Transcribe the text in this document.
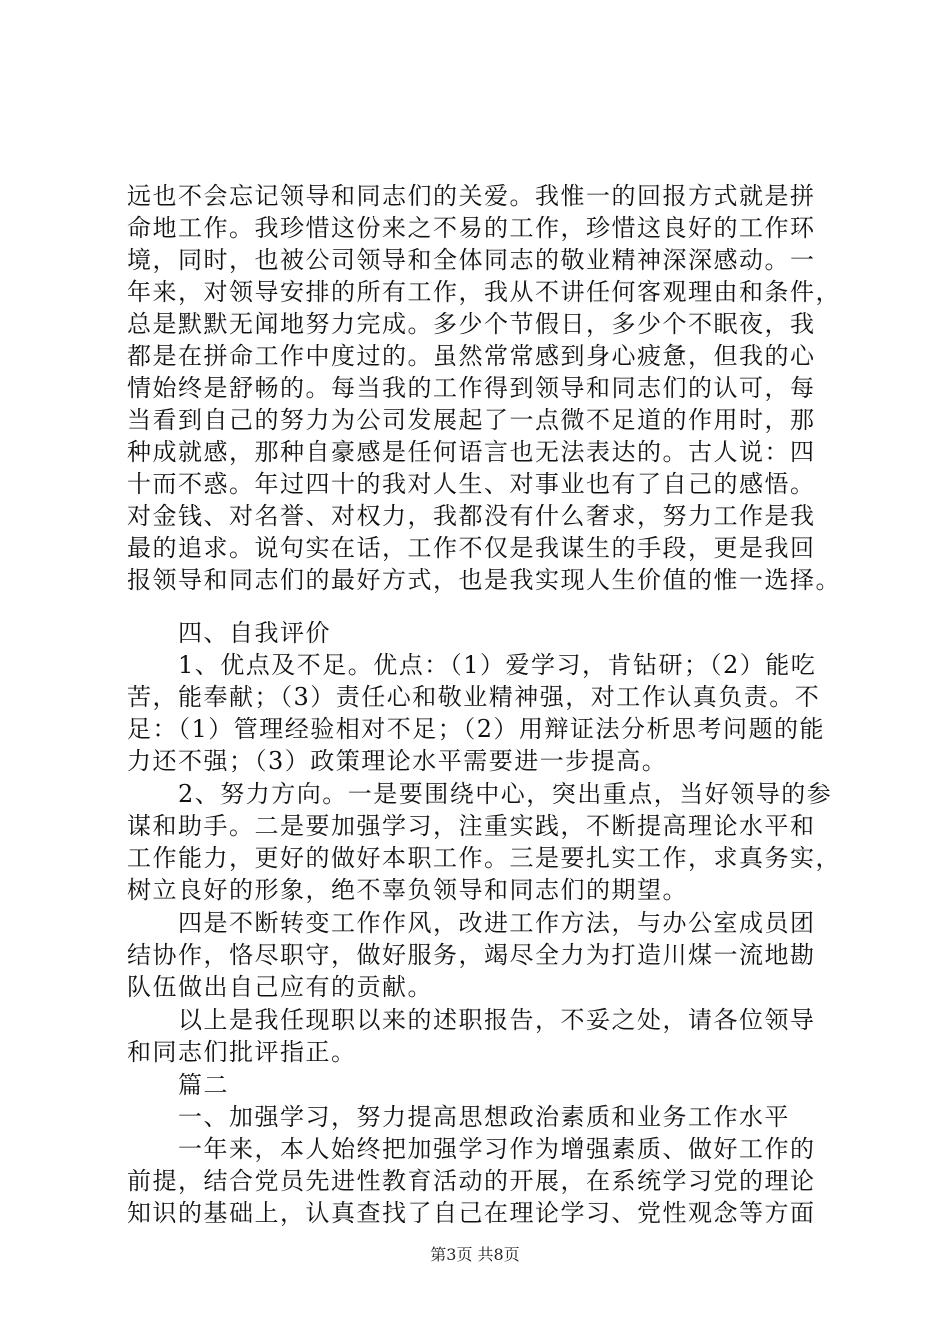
远也不会忘记领导和同志们的关爱。我惟一的回报方式就是拼
命地工作。我珍惜这份来之不易的工作，珍惜这良好的工作环
境，同时，也被公司领导和全体同志的敬业精神深深感动。一
年来，对领导安排的所有工作，我从不讲任何客观理由和条件，
总是默默无闻地努力完成。多少个节假日，多少个不眠夜，我
都是在拼命工作中度过的。虽然常常感到身心疲惫，但我的心
情始终是舒畅的。每当我的工作得到领导和同志们的认可，每
当看到自己的努力为公司发展起了一点微不足道的作用时，那
种成就感，那种自豪感是任何语言也无法表达的。古人说：四
十而不惑。年过四十的我对人生、对事业也有了自己的感悟。
对金钱、对名誉、对权力，我都没有什么奢求，努力工作是我
最的追求。说句实在话，工作不仅是我谋生的手段，更是我回
报领导和同志们的最好方式，也是我实现人生价值的惟一选择。
四、自我评价
1、优点及不足。优点：（1）爱学习，肯钻研；（2）能吃
苦，能奉献；（3）责任心和敬业精神强，对工作认真负责。不
足：（1）管理经验相对不足；（2）用辩证法分析思考问题的能
力还不强；（3）政策理论水平需要进一步提高。
2、努力方向。一是要围绕中心，突出重点，当好领导的参
谋和助手。二是要加强学习，注重实践，不断提高理论水平和
工作能力，更好的做好本职工作。三是要扎实工作，求真务实，
树立良好的形象，绝不辜负领导和同志们的期望。
四是不断转变工作作风，改进工作方法，与办公室成员团
结协作，恪尽职守，做好服务，竭尽全力为打造川煤一流地勘
队伍做出自己应有的贡献。
以上是我任现职以来的述职报告，不妥之处，请各位领导
和同志们批评指正。
篇二
一、加强学习，努力提高思想政治素质和业务工作水平
一年来，本人始终把加强学习作为增强素质、做好工作的
前提，结合党员先进性教育活动的开展，在系统学习党的理论
知识的基础上，认真查找了自己在理论学习、党性观念等方面
第3页 共8页
